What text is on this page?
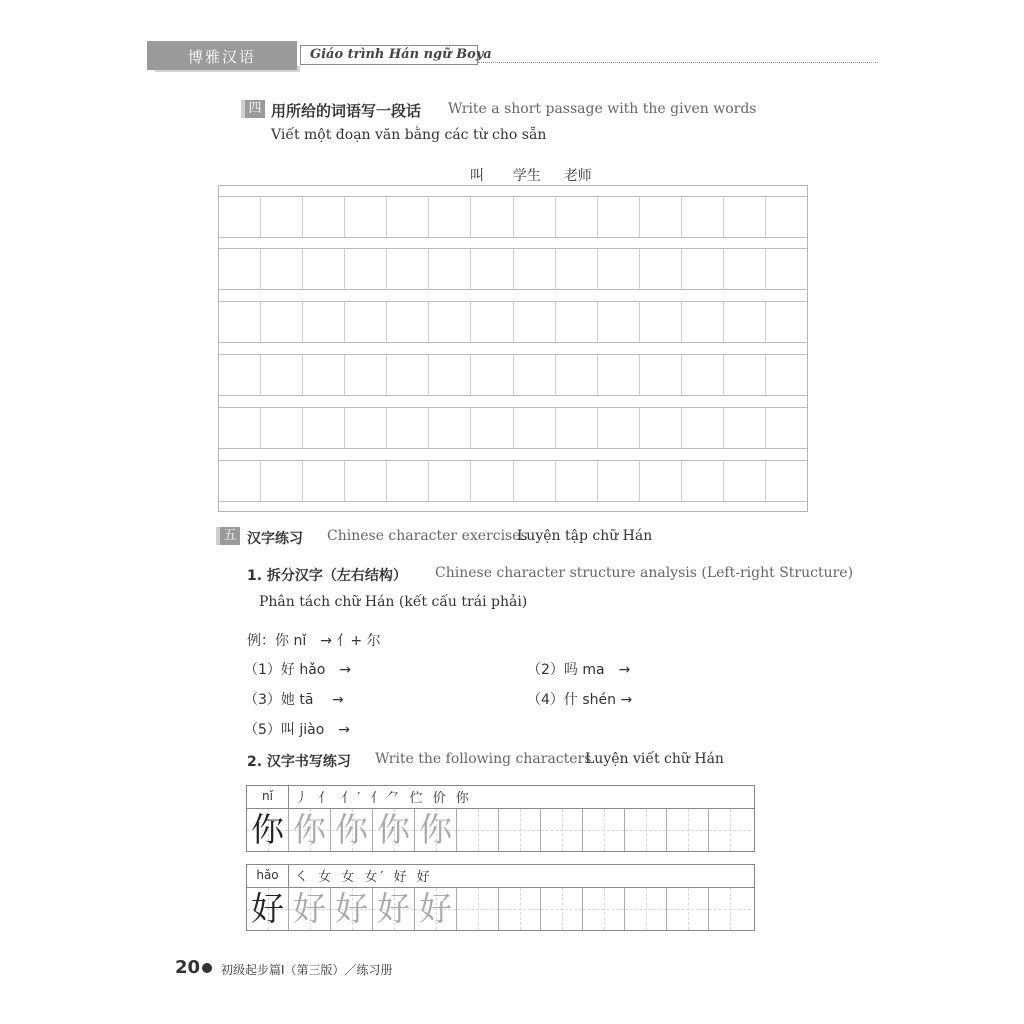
博雅汉语	Giáo trình Hán ngữ Boya
四 用所给的词语写一段话 Write a short passage with the given words
Viết một đoạn văn bằng các từ cho sẵn
叫 学生 老师
五 汉字练习 Chinese character exercises
Luyện tập chữ Hán
1. 拆分汉字（左右结构） Chinese character structure analysis (Left-right Structure)
Phân tách chữ Hán (kết cấu trái phải)
例：你 nǐ　→ 亻+ 尔
（1）好 hǎo　→	（2）吗 ma　→
（3）她 tā　 →	（4）什 shén →
（5）叫 jiào　→
2. 汉字书写练习 Write the following characters
Luyện viết chữ Hán
nǐ	丿 亻 亻′ 亻⺈ 伫 价 你
你 你 你 你 你
hǎo	㇛ 女 女 女′ 好 好
好 好 好 好 好
20 初级起步篇Ⅰ（第三版）／练习册
